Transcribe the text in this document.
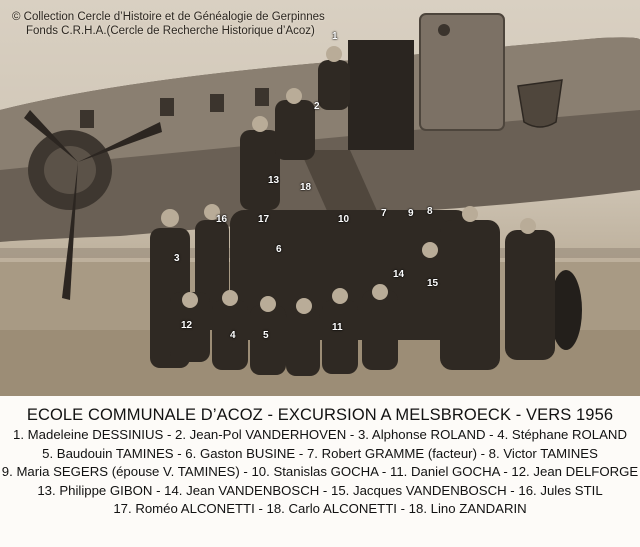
© Collection Cercle d’Histoire et de Généalogie de Gerpinnes
Fonds C.R.H.A.(Cercle de Recherche Historique d’Acoz)	1
2
3
4	5
6
7	8
9
10
11
12
13
14
15
16	17
18
ECOLE COMMUNALE D’ACOZ - EXCURSION A MELSBROECK - VERS 1956
1. Madeleine DESSINIUS - 2. Jean-Pol VANDERHOVEN - 3. Alphonse ROLAND - 4. Stéphane ROLAND
5. Baudouin TAMINES - 6. Gaston BUSINE - 7. Robert GRAMME (facteur) - 8. Victor TAMINES
9. Maria SEGERS (épouse V. TAMINES) - 10. Stanislas GOCHA - 11. Daniel GOCHA - 12. Jean DELFORGE
13. Philippe GIBON - 14. Jean VANDENBOSCH - 15. Jacques VANDENBOSCH - 16. Jules STIL
17. Roméo ALCONETTI - 18. Carlo ALCONETTI - 18. Lino ZANDARIN
